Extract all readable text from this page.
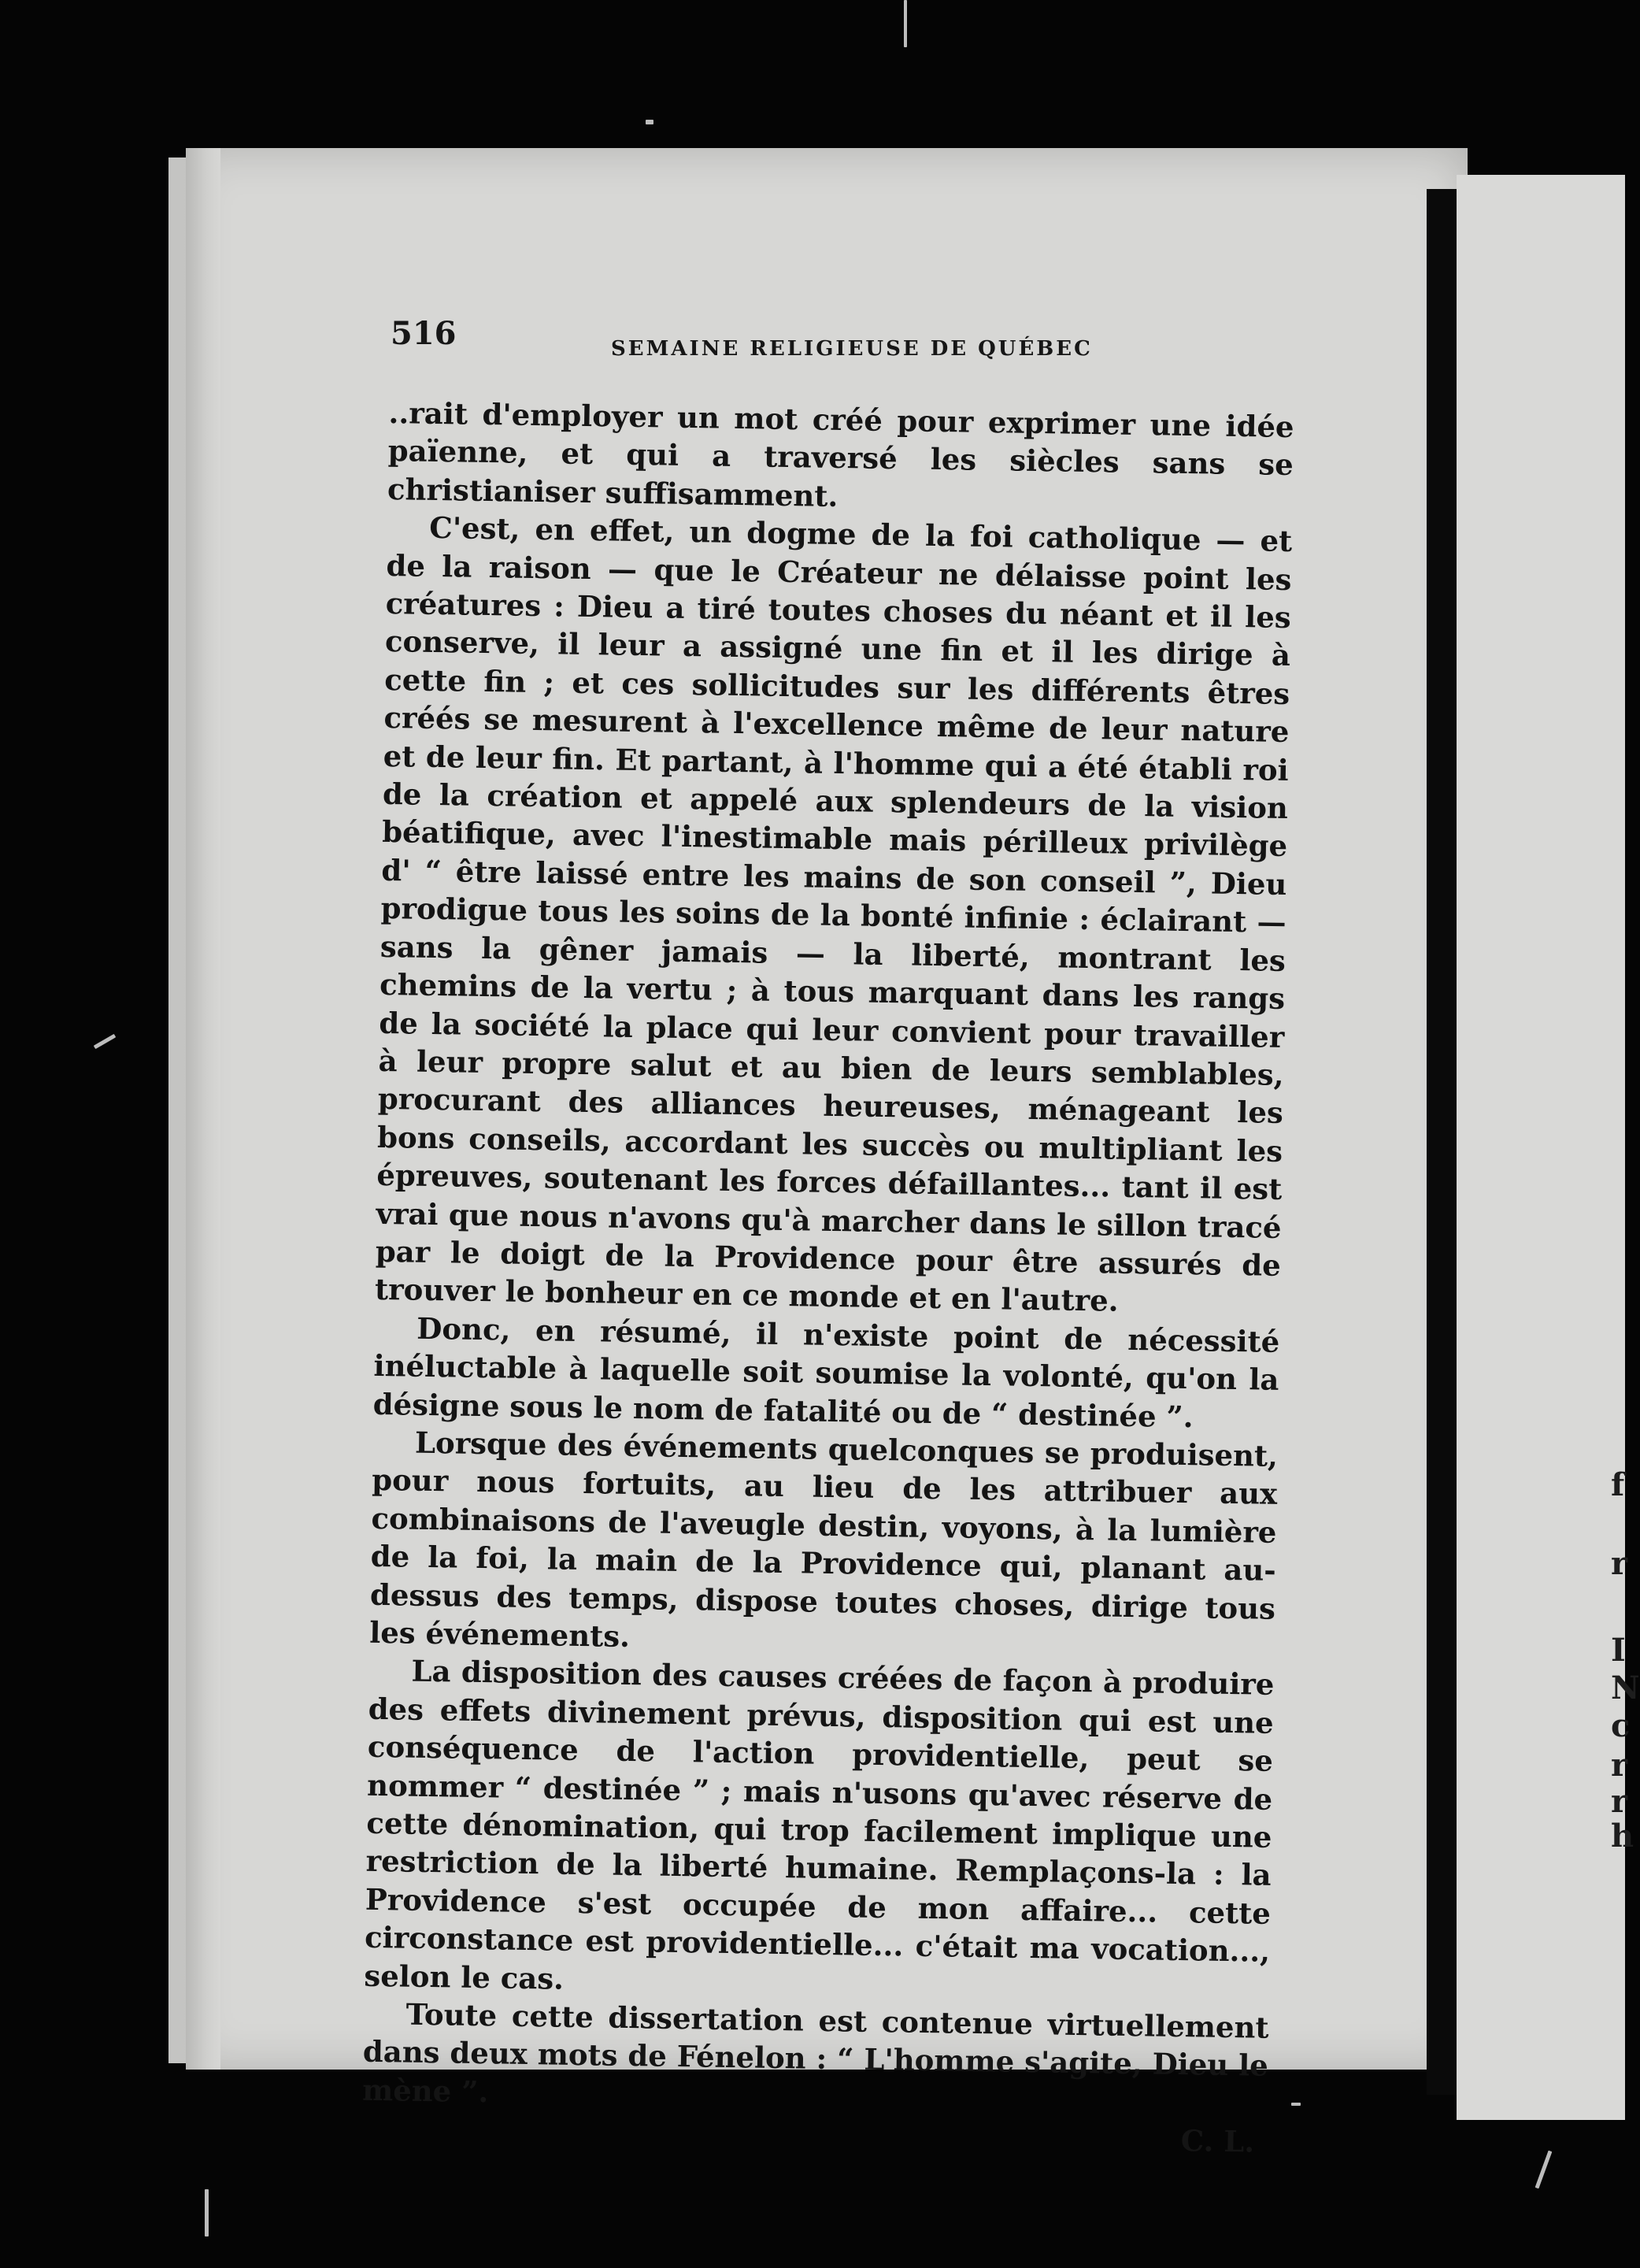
I
N
c
r
r
h
f
r
516	SEMAINE RELIGIEUSE DE QUÉBEC

..rait d'employer un mot créé pour exprimer une idée païenne, et qui a traversé les siècles sans se christianiser suffisamment.

C'est, en effet, un dogme de la foi catholique — et de la raison — que le Créateur ne délaisse point les créatures : Dieu a tiré toutes choses du néant et il les conserve, il leur a assigné une fin et il les dirige à cette fin ; et ces sollicitudes sur les différents êtres créés se mesurent à l'excellence même de leur nature et de leur fin. Et partant, à l'homme qui a été établi roi de la création et appelé aux splendeurs de la vision béatifique, avec l'inestimable mais périlleux privilège d' “ être laissé entre les mains de son conseil ”, Dieu prodigue tous les soins de la bonté infinie : éclairant — sans la gêner jamais — la liberté, montrant les chemins de la vertu ; à tous marquant dans les rangs de la société la place qui leur convient pour travailler à leur propre salut et au bien de leurs semblables, procurant des alliances heureuses, ménageant les bons conseils, accordant les succès ou multipliant les épreuves, soutenant les forces défaillantes... tant il est vrai que nous n'avons qu'à marcher dans le sillon tracé par le doigt de la Providence pour être assurés de trouver le bonheur en ce monde et en l'autre.

Donc, en résumé, il n'existe point de nécessité inéluctable à laquelle soit soumise la volonté, qu'on la désigne sous le nom de fatalité ou de “ destinée ”.

Lorsque des événements quelconques se produisent, pour nous fortuits, au lieu de les attribuer aux combinaisons de l'aveugle destin, voyons, à la lumière de la foi, la main de la Providence qui, planant au-dessus des temps, dispose toutes choses, dirige tous les événements.

La disposition des causes créées de façon à produire des effets divinement prévus, disposition qui est une conséquence de l'action providentielle, peut se nommer “ destinée ” ; mais n'usons qu'avec réserve de cette dénomination, qui trop facilement implique une restriction de la liberté humaine. Remplaçons-la : la Providence s'est occupée de mon affaire... cette circonstance est providentielle... c'était ma vocation..., selon le cas.

Toute cette dissertation est contenue virtuellement dans deux mots de Fénelon : “ L'homme s'agite, Dieu le mène ”.

C. L.
